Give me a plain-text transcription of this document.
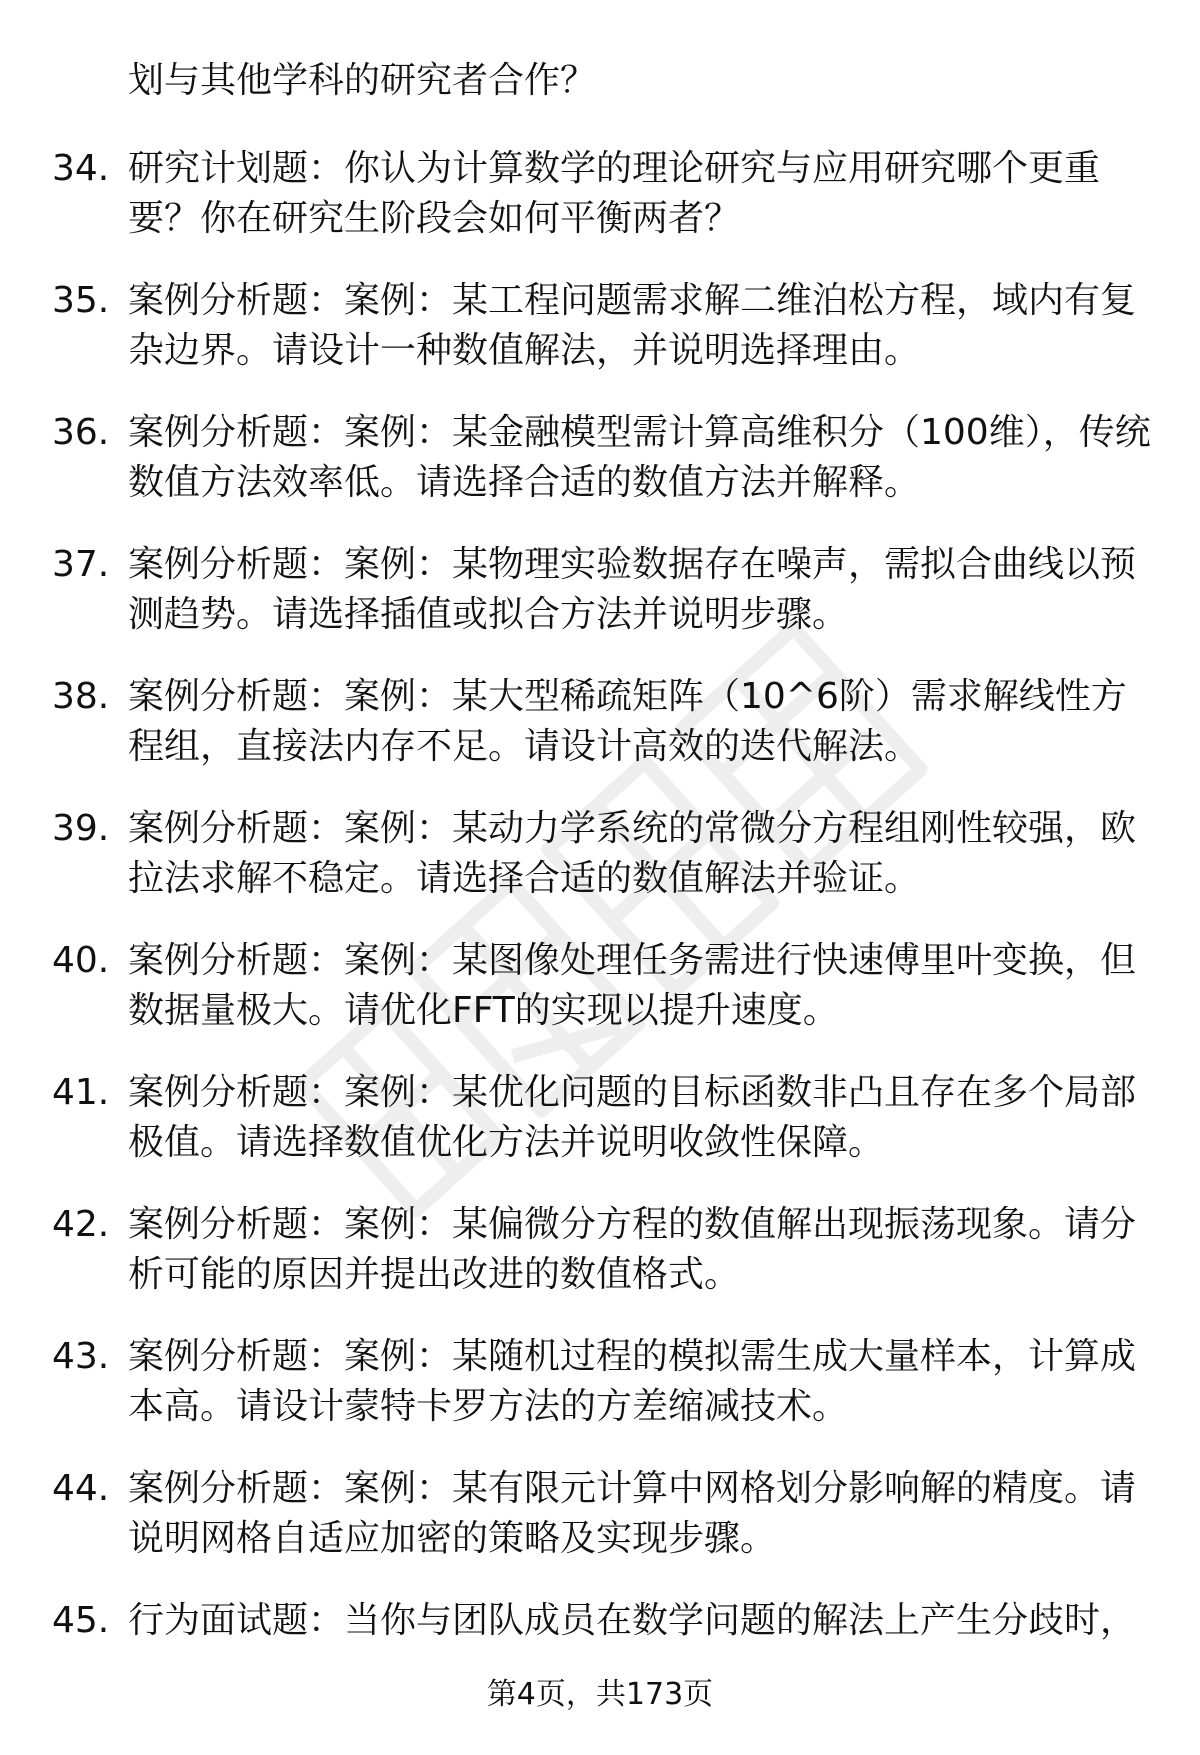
划与其他学科的研究者合作？

34. 研究计划题：你认为计算数学的理论研究与应用研究哪个更重要？你在研究生阶段会如何平衡两者？

35. 案例分析题：案例：某工程问题需求解二维泊松方程，域内有复杂边界。请设计一种数值解法，并说明选择理由。

36. 案例分析题：案例：某金融模型需计算高维积分（100维），传统数值方法效率低。请选择合适的数值方法并解释。

37. 案例分析题：案例：某物理实验数据存在噪声，需拟合曲线以预测趋势。请选择插值或拟合方法并说明步骤。

38. 案例分析题：案例：某大型稀疏矩阵（10^6阶）需求解线性方程组，直接法内存不足。请设计高效的迭代解法。

39. 案例分析题：案例：某动力学系统的常微分方程组刚性较强，欧拉法求解不稳定。请选择合适的数值解法并验证。

40. 案例分析题：案例：某图像处理任务需进行快速傅里叶变换，但数据量极大。请优化FFT的实现以提升速度。

41. 案例分析题：案例：某优化问题的目标函数非凸且存在多个局部极值。请选择数值优化方法并说明收敛性保障。

42. 案例分析题：案例：某偏微分方程的数值解出现振荡现象。请分析可能的原因并提出改进的数值格式。

43. 案例分析题：案例：某随机过程的模拟需生成大量样本，计算成本高。请设计蒙特卡罗方法的方差缩减技术。

44. 案例分析题：案例：某有限元计算中网格划分影响解的精度。请说明网格自适应加密的策略及实现步骤。

45. 行为面试题：当你与团队成员在数学问题的解法上产生分歧时，

第4页，共173页
